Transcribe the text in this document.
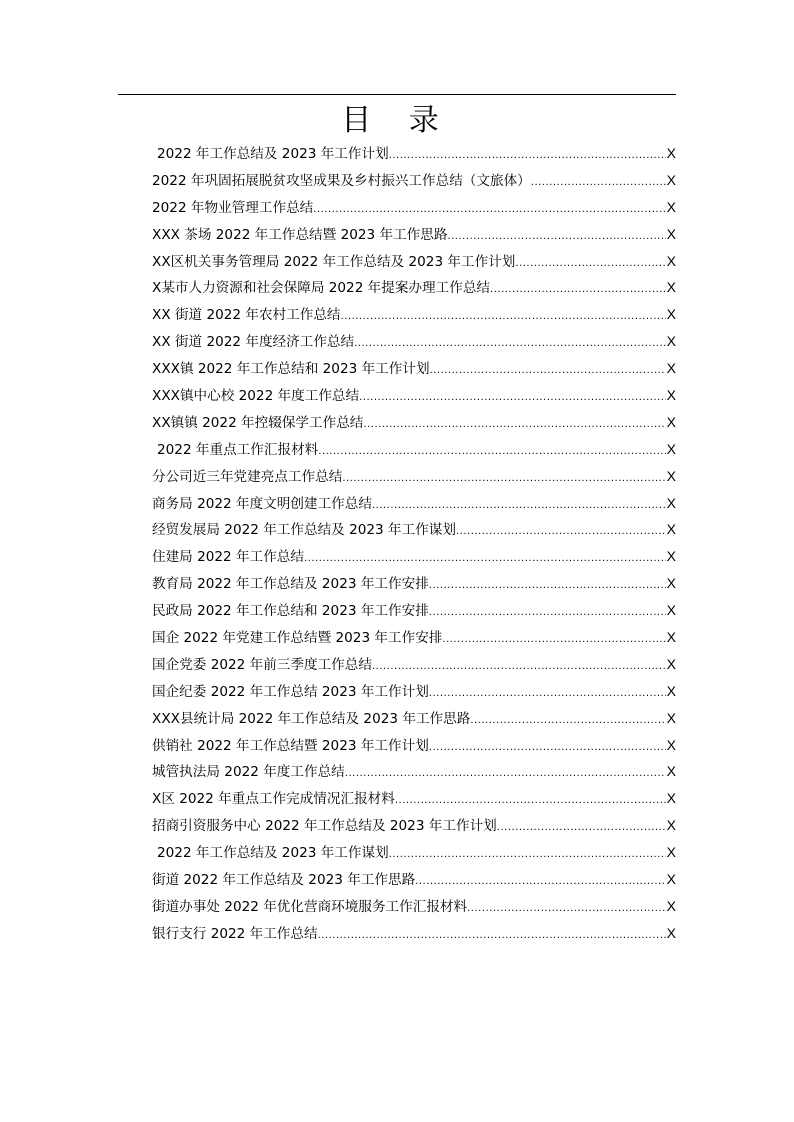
目 录
2022 年工作总结及 2023 年工作计划 .....	X
2022 年巩固拓展脱贫攻坚成果及乡村振兴工作总结（文旅体） .....	X
2022 年物业管理工作总结 .....	X
XXX 茶场 2022 年工作总结暨 2023 年工作思路 .....	X
XX区机关事务管理局 2022 年工作总结及 2023 年工作计划 .....	X
X某市人力资源和社会保障局 2022 年提案办理工作总结 .....	X
XX 街道 2022 年农村工作总结 .....	X
XX 街道 2022 年度经济工作总结 .....	X
XXX镇 2022 年工作总结和 2023 年工作计划 .....	X
XXX镇中心校 2022 年度工作总结 .....	X
XX镇镇 2022 年控辍保学工作总结 .....	X
2022 年重点工作汇报材料 .....	X
分公司近三年党建亮点工作总结 .....	X
商务局 2022 年度文明创建工作总结 .....	X
经贸发展局 2022 年工作总结及 2023 年工作谋划 .....	X
住建局 2022 年工作总结 .....	X
教育局 2022 年工作总结及 2023 年工作安排 .....	X
民政局 2022 年工作总结和 2023 年工作安排 .....	X
国企 2022 年党建工作总结暨 2023 年工作安排 .....	X
国企党委 2022 年前三季度工作总结 .....	X
国企纪委 2022 年工作总结 2023 年工作计划 .....	X
XXX县统计局 2022 年工作总结及 2023 年工作思路 .....	X
供销社 2022 年工作总结暨 2023 年工作计划 .....	X
城管执法局 2022 年度工作总结 .....	X
X区 2022 年重点工作完成情况汇报材料 .....	X
招商引资服务中心 2022 年工作总结及 2023 年工作计划 .....	X
2022 年工作总结及 2023 年工作谋划 .....	X
街道 2022 年工作总结及 2023 年工作思路 .....	X
街道办事处 2022 年优化营商环境服务工作汇报材料 .....	X
银行支行 2022 年工作总结 .....	X
